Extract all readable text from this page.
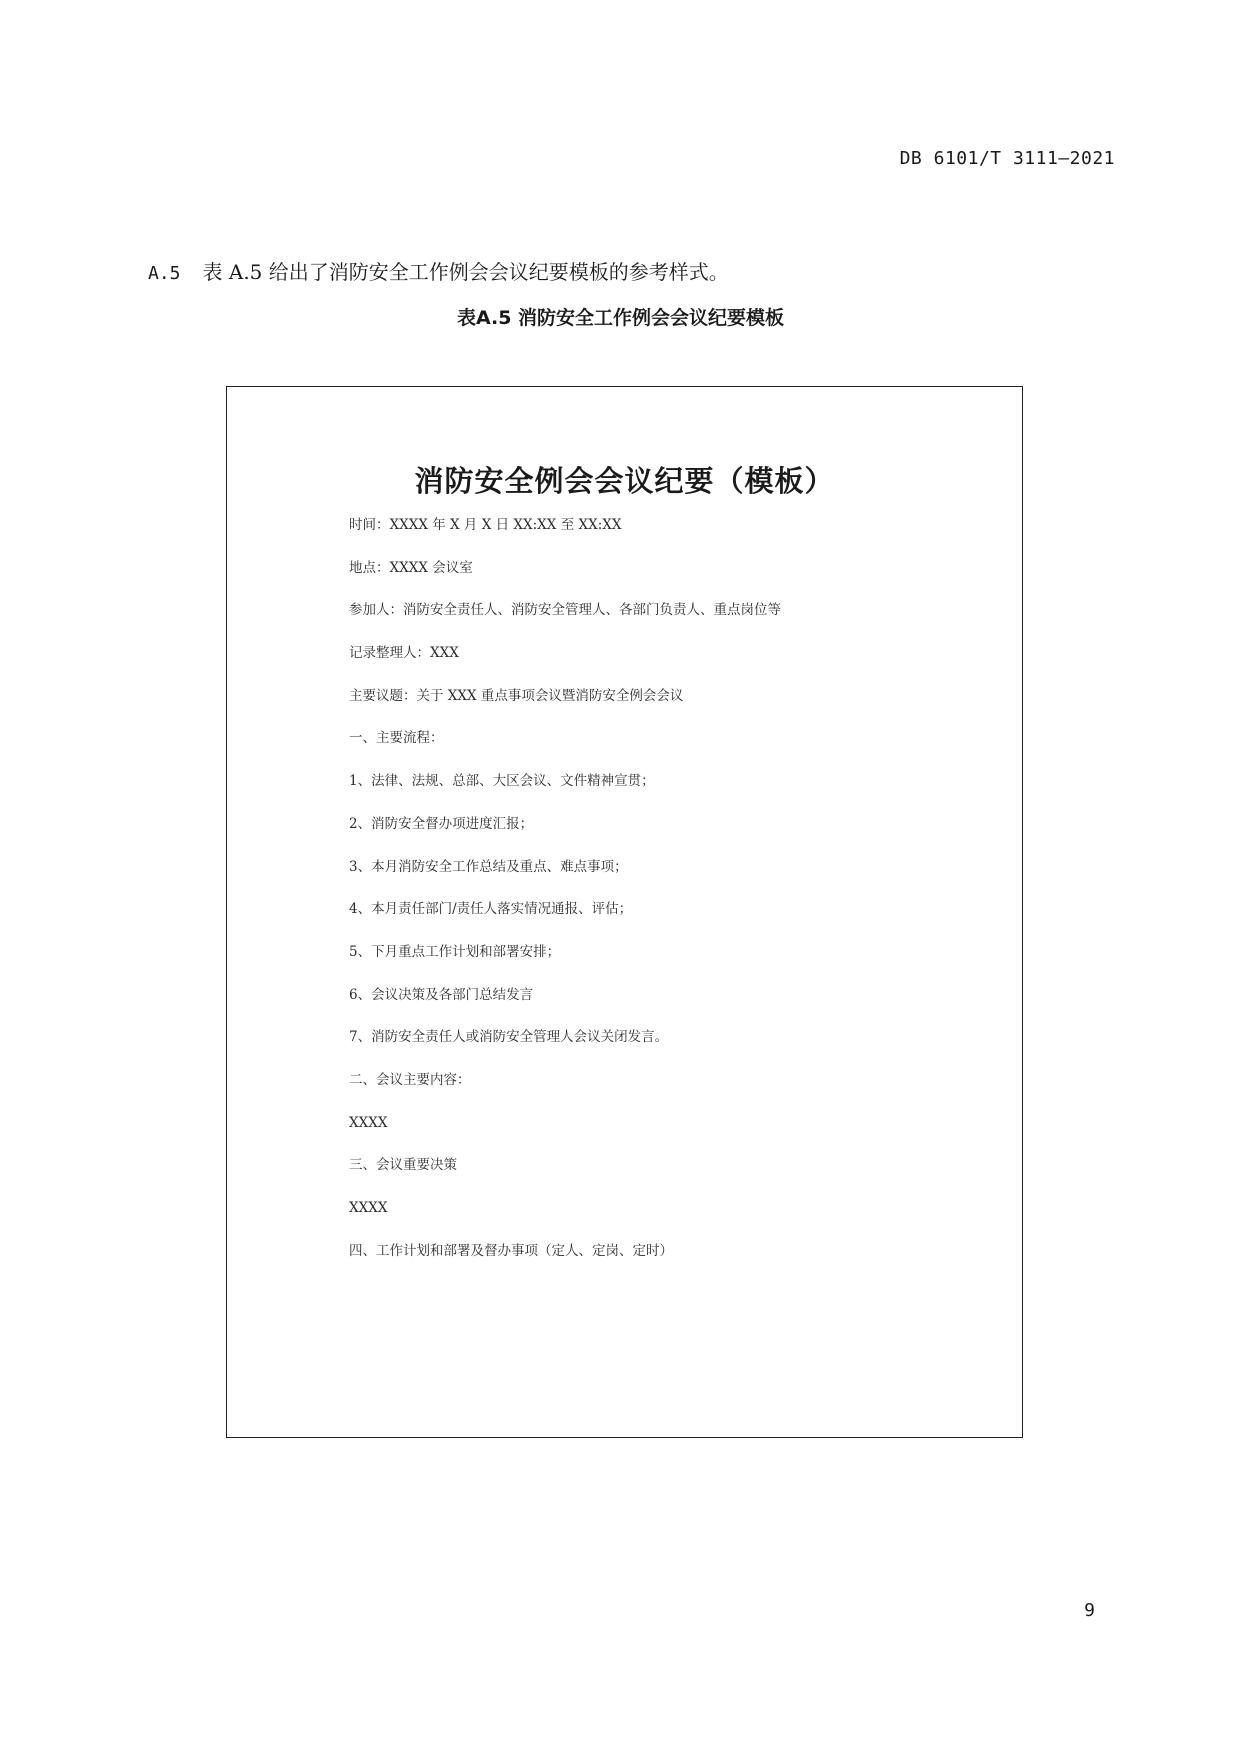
DB 6101/T 3111—2021
A.5 表 A.5 给出了消防安全工作例会会议纪要模板的参考样式。
表A.5 消防安全工作例会会议纪要模板
消防安全例会会议纪要（模板）
时间：XXXX 年 X 月 X 日 XX:XX 至 XX:XX
地点：XXXX 会议室
参加人：消防安全责任人、消防安全管理人、各部门负责人、重点岗位等
记录整理人：XXX
主要议题：关于 XXX 重点事项会议暨消防安全例会会议
一、主要流程：
1、法律、法规、总部、大区会议、文件精神宣贯；
2、消防安全督办项进度汇报；
3、本月消防安全工作总结及重点、难点事项；
4、本月责任部门/责任人落实情况通报、评估；
5、下月重点工作计划和部署安排；
6、会议决策及各部门总结发言
7、消防安全责任人或消防安全管理人会议关闭发言。
二、会议主要内容：
XXXX
三、会议重要决策
XXXX
四、工作计划和部署及督办事项（定人、定岗、定时）
9
